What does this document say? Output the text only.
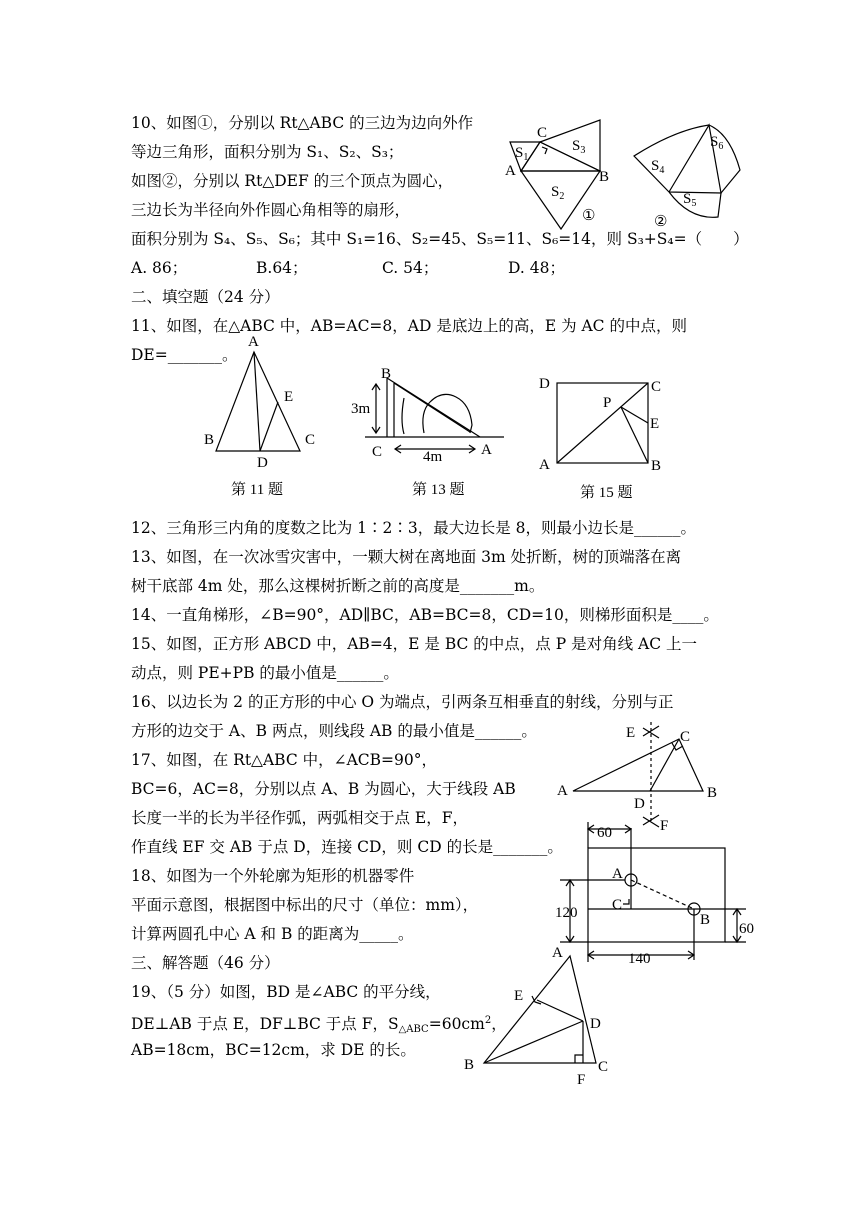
10、如图①，分别以 Rt△ABC 的三边为边向外作
等边三角形，面积分别为 S₁、S₂、S₃；
如图②，分别以 Rt△DEF 的三个顶点为圆心，
三边长为半径向外作圆心角相等的扇形，
面积分别为 S₄、S₅、S₆；其中 S₁=16、S₂=45、S₅=11、S₆=14，则 S₃+S₄=（　　）
A. 86；	B.64；	C. 54；	D. 48；
C
A	B
$S_1$
$S_3$
$S_2$
①
$S_4$
$S_6$
$S_5$
②
二、填空题（24 分）
11、如图，在△ABC 中，AB=AC=8，AD 是底边上的高，E 为 AC 的中点，则
DE=_______。
A
B	C
D
E
第 11 题
B
3m
C	A
4m
第 13 题
D	C
P
E
A	B
第 15 题
12、三角形三内角的度数之比为 1∶2∶3，最大边长是 8，则最小边长是______。
13、如图，在一次冰雪灾害中，一颗大树在离地面 3m 处折断，树的顶端落在离
树干底部 4m 处，那么这棵树折断之前的高度是_______m。
14、一直角梯形，∠B=90°，AD∥BC，AB=BC=8，CD=10，则梯形面积是____。
15、如图，正方形 ABCD 中，AB=4，E 是 BC 的中点，点 P 是对角线 AC 上一
动点，则 PE+PB 的最小值是______。
16、以边长为 2 的正方形的中心 O 为端点，引两条互相垂直的射线，分别与正
方形的边交于 A、B 两点，则线段 AB 的最小值是______。
17、如图，在 Rt△ABC 中，∠ACB=90°，
BC=6，AC=8，分别以点 A、B 为圆心，大于线段 AB
长度一半的长为半径作弧，两弧相交于点 E，F，
作直线 EF 交 AB 于点 D，连接 CD，则 CD 的长是_______。
E	C
A	B
D
F
18、如图为一个外轮廓为矩形的机器零件
平面示意图，根据图中标出的尺寸（单位：mm），
计算两圆孔中心 A 和 B 的距离为_____。
60
A
C
B
120
140
60
三、解答题（46 分）
19、（5 分）如图，BD 是∠ABC 的平分线，
DE⊥AB 于点 E，DF⊥BC 于点 F，$S_{\triangle ABC}=60cm^2$，
AB=18cm，BC=12cm，求 DE 的长。
A
E
D
B	C
F
